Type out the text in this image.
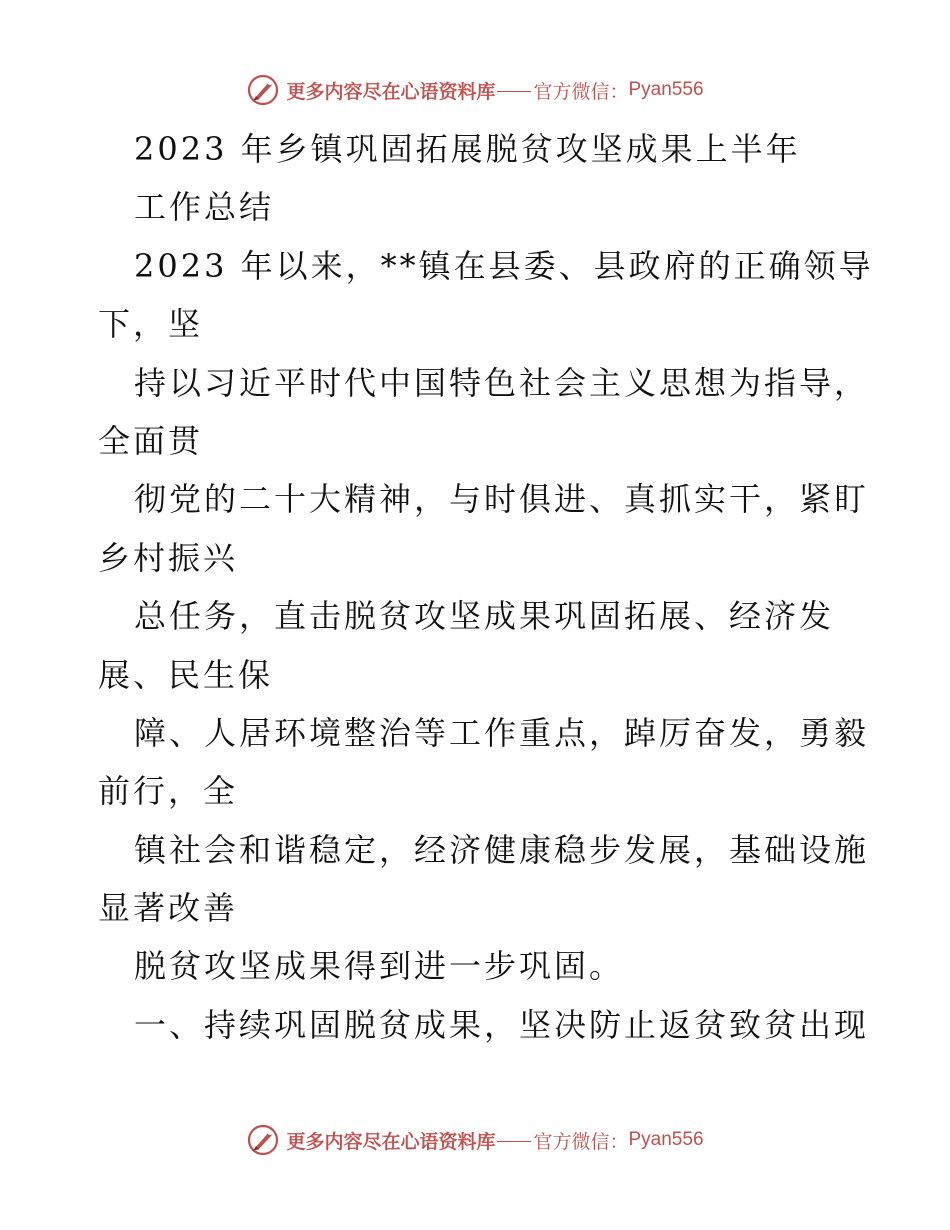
更多内容尽在心语资料库 官方微信： Pyan556
2023 年乡镇巩固拓展脱贫攻坚成果上半年
工作总结
2023 年以来，**镇在县委、县政府的正确领导
下，坚
持以习近平时代中国特色社会主义思想为指导，
全面贯
彻党的二十大精神，与时俱进、真抓实干，紧盯
乡村振兴
总任务，直击脱贫攻坚成果巩固拓展、经济发
展、民生保
障、人居环境整治等工作重点，踔厉奋发，勇毅
前行，全
镇社会和谐稳定，经济健康稳步发展，基础设施
显著改善
脱贫攻坚成果得到进一步巩固。
一、持续巩固脱贫成果，坚决防止返贫致贫出现
更多内容尽在心语资料库 官方微信： Pyan556
